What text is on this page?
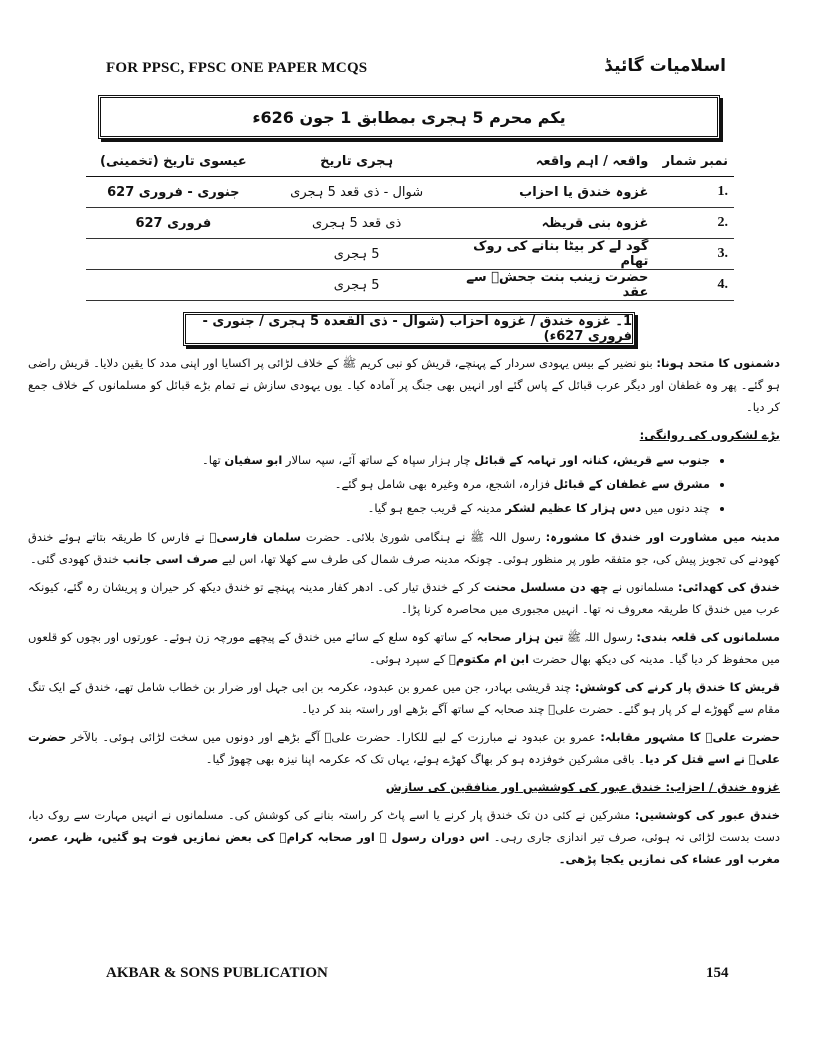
FOR PPSC, FPSC ONE PAPER MCQS	اسلامیات گائیڈ
یکم محرم 5 ہجری بمطابق 1 جون 626ء
نمبر شمار	واقعہ / اہم واقعہ	ہجری تاریخ	عیسوی تاریخ (تخمینی)
.1	غزوہ خندق یا احزاب	شوال - ذی قعد 5 ہجری	جنوری - فروری 627
.2	غزوہ بنی قریظہ	ذی قعد 5 ہجری	فروری 627
.3	گود لے کر بیٹا بنانے کی روک تھام	5 ہجری	
.4	حضرت زینب بنت جحشؓ سے عقد	5 ہجری	
1۔ غزوہ خندق / غزوہ احزاب (شوال - ذی القعدہ 5 ہجری / جنوری - فروری 627ء)

دشمنوں کا متحد ہونا: بنو نضیر کے بیس یہودی سردار کے پہنچے، قریش کو نبی کریم ﷺ کے خلاف لڑائی پر اکسایا اور اپنی مدد کا یقین دلایا۔ قریش راضی ہو گئے۔ پھر وہ غطفان اور دیگر عرب قبائل کے پاس گئے اور انہیں بھی جنگ پر آمادہ کیا۔ یوں یہودی سازش نے تمام بڑے قبائل کو مسلمانوں کے خلاف جمع کر دیا۔

بڑے لشکروں کی روانگی:

• جنوب سے قریش، کنانہ اور تہامہ کے قبائل چار ہزار سپاہ کے ساتھ آئے، سپہ سالار ابو سفیان تھا۔
• مشرق سے غطفان کے قبائل فزارہ، اشجع، مرہ وغیرہ بھی شامل ہو گئے۔
• چند دنوں میں دس ہزار کا عظیم لشکر مدینہ کے قریب جمع ہو گیا۔

مدینہ میں مشاورت اور خندق کا مشورہ: رسول اللہ ﷺ نے ہنگامی شوریٰ بلائی۔ حضرت سلمان فارسیؓ نے فارس کا طریقہ بتاتے ہوئے خندق کھودنے کی تجویز پیش کی، جو متفقہ طور پر منظور ہوئی۔ چونکہ مدینہ صرف شمال کی طرف سے کھلا تھا، اس لیے صرف اسی جانب خندق کھودی گئی۔

خندق کی کھدائی: مسلمانوں نے چھ دن مسلسل محنت کر کے خندق تیار کی۔ ادھر کفار مدینہ پہنچے تو خندق دیکھ کر حیران و پریشان رہ گئے، کیونکہ عرب میں خندق کا طریقہ معروف نہ تھا۔ انہیں مجبوری میں محاصرہ کرنا پڑا۔

مسلمانوں کی قلعہ بندی: رسول اللہ ﷺ تین ہزار صحابہ کے ساتھ کوہ سلع کے سائے میں خندق کے پیچھے مورچہ زن ہوئے۔ عورتوں اور بچوں کو قلعوں میں محفوظ کر دیا گیا۔ مدینہ کی دیکھ بھال حضرت ابن ام مکتومؓ کے سپرد ہوئی۔

قریش کا خندق پار کرنے کی کوشش: چند قریشی بہادر، جن میں عمرو بن عبدود، عکرمہ بن ابی جہل اور ضرار بن خطاب شامل تھے، خندق کے ایک تنگ مقام سے گھوڑے لے کر پار ہو گئے۔ حضرت علیؓ چند صحابہ کے ساتھ آگے بڑھے اور راستہ بند کر دیا۔

حضرت علیؓ کا مشہور مقابلہ: عمرو بن عبدود نے مبارزت کے لیے للکارا۔ حضرت علیؓ آگے بڑھے اور دونوں میں سخت لڑائی ہوئی۔ بالآخر حضرت علیؓ نے اسے قتل کر دیا۔ باقی مشرکین خوفزدہ ہو کر بھاگ کھڑے ہوئے، یہاں تک کہ عکرمہ اپنا نیزہ بھی چھوڑ گیا۔

غزوہ خندق / احزاب: خندق عبور کی کوششیں اور منافقین کی سازش

خندق عبور کی کوششیں: مشرکین نے کئی دن تک خندق پار کرنے یا اسے پاٹ کر راستہ بنانے کی کوشش کی۔ مسلمانوں نے انہیں مہارت سے روک دیا، دست بدست لڑائی نہ ہوئی، صرف تیر اندازی جاری رہی۔ اس دوران رسول ﷺ اور صحابہ کرامؓ کی بعض نمازیں فوت ہو گئیں، ظہر، عصر، مغرب اور عشاء کی نمازیں یکجا پڑھی۔

AKBAR & SONS PUBLICATION	154
